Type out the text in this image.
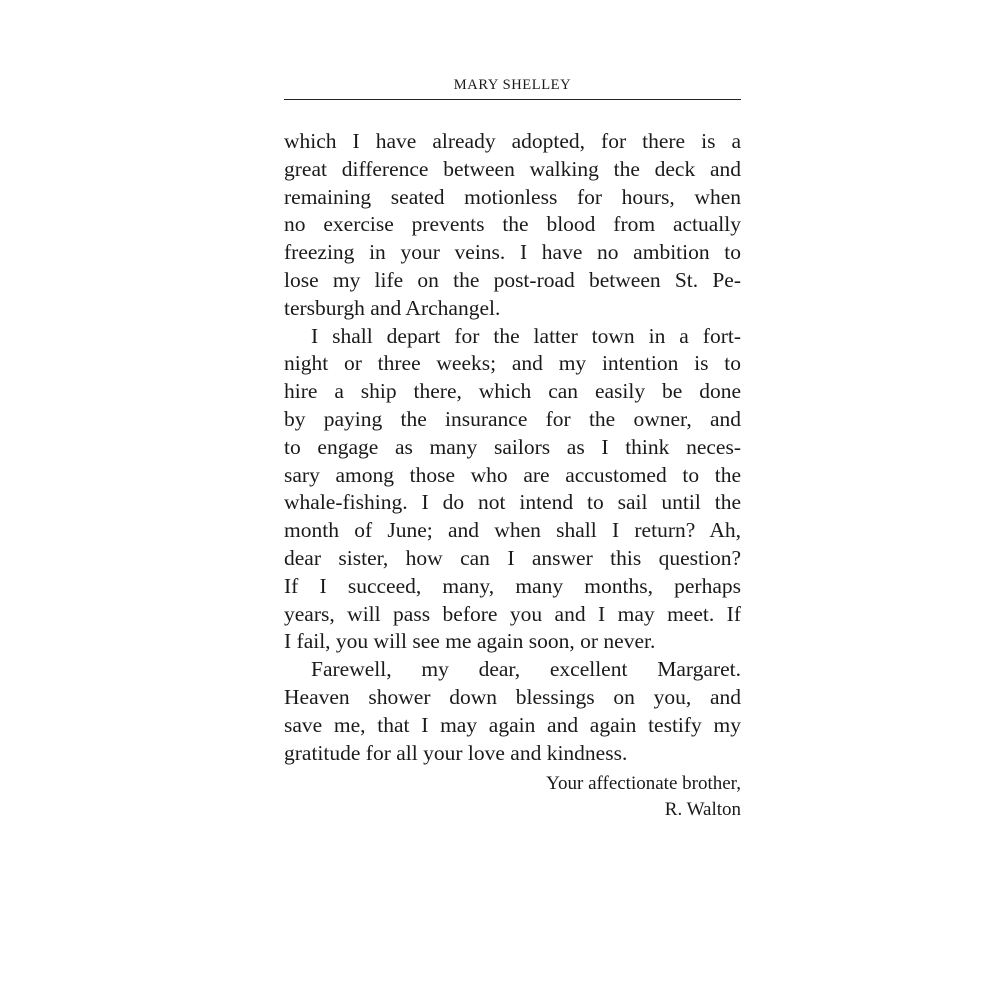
MARY SHELLEY
which I have already adopted, for there is a
great difference between walking the deck and
remaining seated motionless for hours, when
no exercise prevents the blood from actually
freezing in your veins. I have no ambition to
lose my life on the post-road between St. Pe-
tersburgh and Archangel.
I shall depart for the latter town in a fort-
night or three weeks; and my intention is to
hire a ship there, which can easily be done
by paying the insurance for the owner, and
to engage as many sailors as I think neces-
sary among those who are accustomed to the
whale-fishing. I do not intend to sail until the
month of June; and when shall I return? Ah,
dear sister, how can I answer this question?
If I succeed, many, many months, perhaps
years, will pass before you and I may meet. If
I fail, you will see me again soon, or never.
Farewell, my dear, excellent Margaret.
Heaven shower down blessings on you, and
save me, that I may again and again testify my
gratitude for all your love and kindness.
Your affectionate brother,
R. Walton
